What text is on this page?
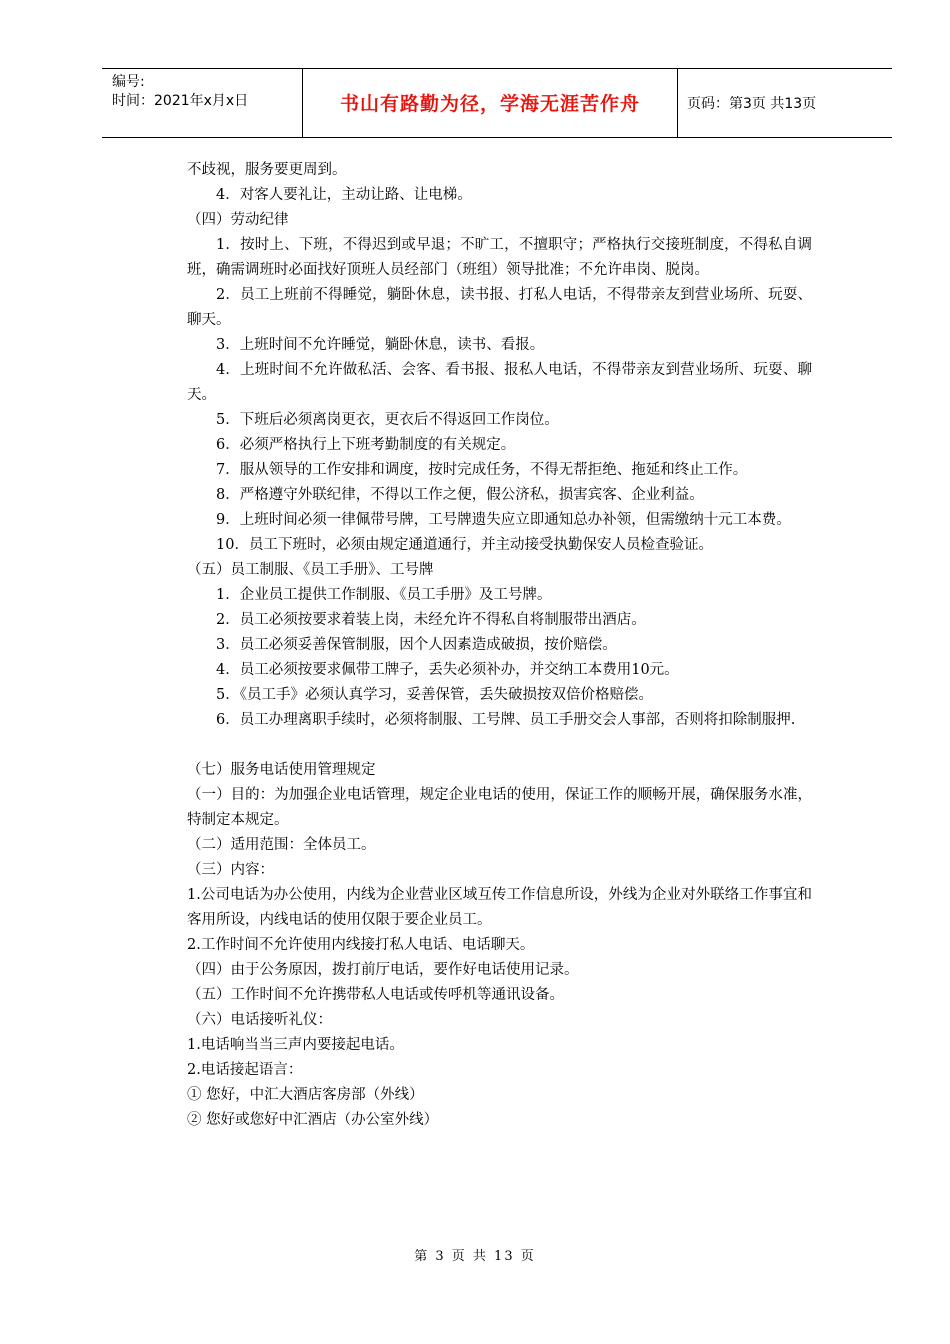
编号:
时间：2021年x月x日	书山有路勤为径，学海无涯苦作舟	页码：第3页 共13页

不歧视，服务要更周到。

4．对客人要礼让，主动让路、让电梯。

（四）劳动纪律

1．按时上、下班，不得迟到或早退；不旷工，不擅职守；严格执行交接班制度，不得私自调班，确需调班时必面找好顶班人员经部门（班组）领导批准；不允许串岗、脱岗。

2．员工上班前不得睡觉，躺卧休息，读书报、打私人电话，不得带亲友到营业场所、玩耍、聊天。

3．上班时间不允许睡觉，躺卧休息，读书、看报。

4．上班时间不允许做私活、会客、看书报、报私人电话，不得带亲友到营业场所、玩耍、聊天。

5．下班后必须离岗更衣，更衣后不得返回工作岗位。

6．必须严格执行上下班考勤制度的有关规定。

7．服从领导的工作安排和调度，按时完成任务，不得无帮拒绝、拖延和终止工作。

8．严格遵守外联纪律，不得以工作之便，假公济私，损害宾客、企业利益。

9．上班时间必须一律佩带号牌，工号牌遗失应立即通知总办补领，但需缴纳十元工本费。

10．员工下班时，必须由规定通道通行，并主动接受执勤保安人员检查验证。

（五）员工制服、《员工手册》、工号牌

1．企业员工提供工作制服、《员工手册》及工号牌。

2．员工必须按要求着装上岗，未经允许不得私自将制服带出酒店。

3．员工必须妥善保管制服，因个人因素造成破损，按价赔偿。

4．员工必须按要求佩带工牌子，丢失必须补办，并交纳工本费用10元。

5．《员工手》必须认真学习，妥善保管，丢失破损按双倍价格赔偿。

6．员工办理离职手续时，必须将制服、工号牌、员工手册交会人事部，否则将扣除制服押.

（七）服务电话使用管理规定

（一）目的：为加强企业电话管理，规定企业电话的使用，保证工作的顺畅开展，确保服务水准，特制定本规定。

（二）适用范围：全体员工。

（三）内容：

1.公司电话为办公使用，内线为企业营业区域互传工作信息所设，外线为企业对外联络工作事宜和客用所设，内线电话的使用仅限于要企业员工。

2.工作时间不允许使用内线接打私人电话、电话聊天。

（四）由于公务原因，拨打前厅电话，要作好电话使用记录。

（五）工作时间不允许携带私人电话或传呼机等通讯设备。

（六）电话接听礼仪：

1.电话响当当三声内要接起电话。

2.电话接起语言：

① 您好，中汇大酒店客房部（外线）

② 您好或您好中汇酒店（办公室外线）

第 3 页 共 13 页
